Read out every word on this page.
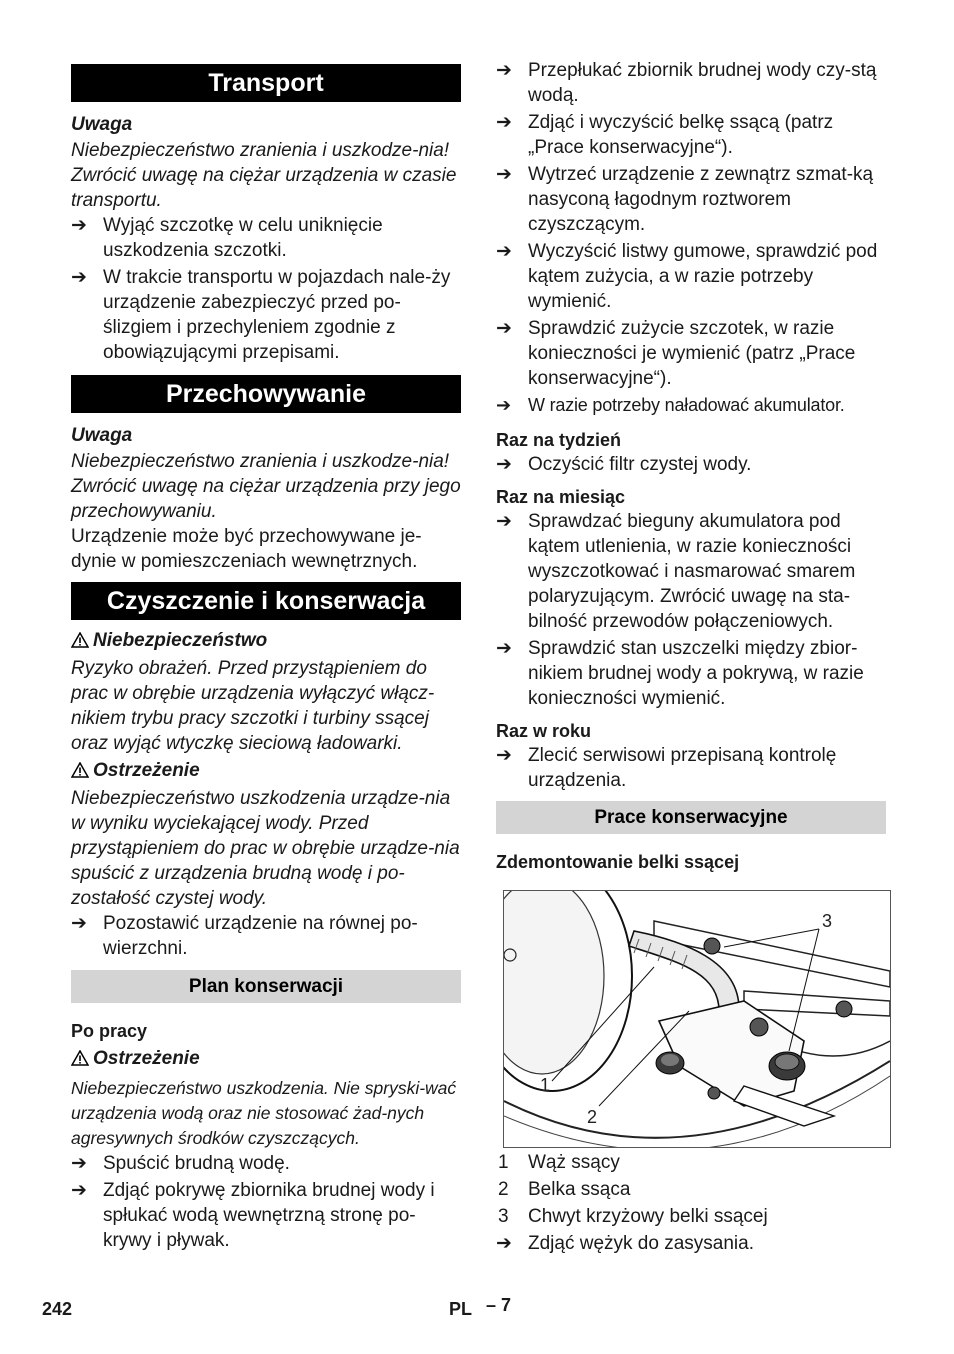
Transport

Uwaga

Niebezpieczeństwo zranienia i uszkodze-nia! Zwrócić uwagę na ciężar urządzenia w czasie transportu.

➔ Wyjąć szczotkę w celu uniknięcie uszkodzenia szczotki.
➔ W trakcie transportu w pojazdach nale-ży urządzenie zabezpieczyć przed po-ślizgiem i przechyleniem zgodnie z obowiązującymi przepisami.
Przechowywanie

Uwaga

Niebezpieczeństwo zranienia i uszkodze-nia! Zwrócić uwagę na ciężar urządzenia przy jego przechowywaniu.

Urządzenie może być przechowywane je-dynie w pomieszczeniach wewnętrznych.

Czyszczenie i konserwacja

Niebezpieczeństwo

Ryzyko obrażeń. Przed przystąpieniem do prac w obrębie urządzenia wyłączyć włącz-nikiem trybu pracy szczotki i turbiny ssącej oraz wyjąć wtyczkę sieciową ładowarki.

Ostrzeżenie

Niebezpieczeństwo uszkodzenia urządze-nia w wyniku wyciekającej wody. Przed przystąpieniem do prac w obrębie urządze-nia spuścić z urządzenia brudną wodę i po-zostałość czystej wody.

➔ Pozostawić urządzenie na równej po-wierzchni.
Plan konserwacji

Po pracy

Ostrzeżenie

Niebezpieczeństwo uszkodzenia. Nie spryski-wać urządzenia wodą oraz nie stosować żad-nych agresywnych środków czyszczących.

➔ Spuścić brudną wodę.
➔ Zdjąć pokrywę zbiornika brudnej wody i spłukać wodą wewnętrzną stronę po-krywy i pływak.
➔ Przepłukać zbiornik brudnej wody czy-stą wodą.
➔ Zdjąć i wyczyścić belkę ssącą (patrz „Prace konserwacyjne“).
➔ Wytrzeć urządzenie z zewnątrz szmat-ką nasyconą łagodnym roztworem czyszczącym.
➔ Wyczyścić listwy gumowe, sprawdzić pod kątem zużycia, a w razie potrzeby wymienić.
➔ Sprawdzić zużycie szczotek, w razie konieczności je wymienić (patrz „Prace konserwacyjne“).
➔ W razie potrzeby naładować akumulator.

Raz na tydzień

➔ Oczyścić filtr czystej wody.

Raz na miesiąc

➔ Sprawdzać bieguny akumulatora pod kątem utlenienia, w razie konieczności wyszczotkować i nasmarować smarem polaryzującym. Zwrócić uwagę na sta-bilność przewodów połączeniowych.
➔ Sprawdzić stan uszczelki między zbior-nikiem brudnej wody a pokrywą, w razie konieczności wymienić.

Raz w roku

➔ Zlecić serwisowi przepisaną kontrolę urządzenia.
Prace konserwacyjne

Zdemontowanie belki ssącej

1
2
3
1 Wąż ssący
2 Belka ssąca
3 Chwyt krzyżowy belki ssącej
➔ Zdjąć wężyk do zasysania.
242	PL – 7
